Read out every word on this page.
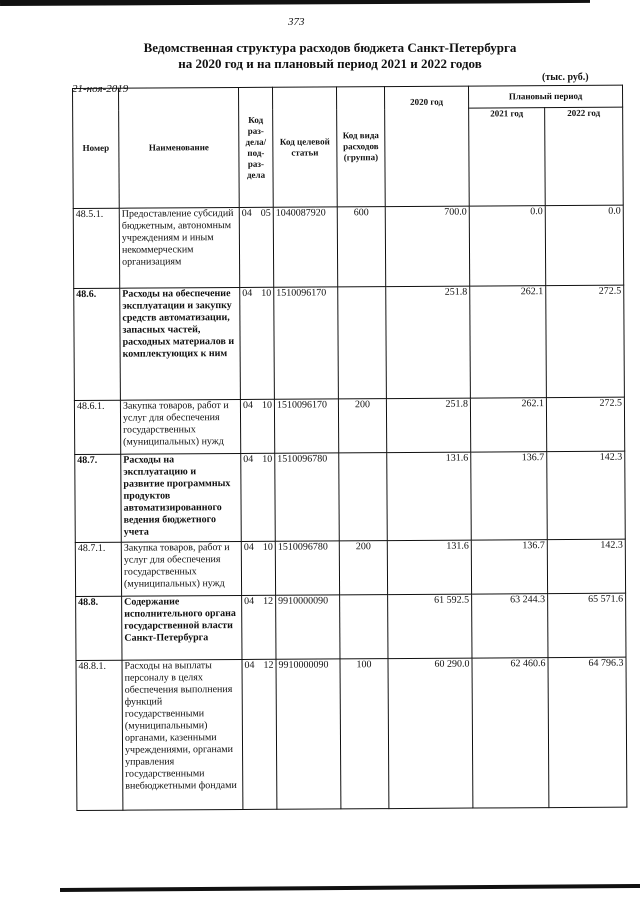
373
Ведомственная структура расходов бюджета Санкт-Петербурга
на 2020 год и на плановый период 2021 и 2022 годов
21-ноя-2019
(тыс. руб.)
Номер	Наименование	Код раз- дела/ под- раз- дела	Код целевой статьи	Код вида расходов (группа)	2020 год	Плановый период	
						2021 год	2022 год
48.5.1.	Предоставление субсидий бюджетным, автономным учреждениям и иным некоммерческим организациям	04 05	1040087920	600	700.0	0.0	0.0
48.6.	Расходы на обеспечение эксплуатации и закупку средств автоматизации, запасных частей, расходных материалов и комплектующих к ним	04 10	1510096170		251.8	262.1	272.5
48.6.1.	Закупка товаров, работ и услуг для обеспечения государственных (муниципальных) нужд	04 10	1510096170	200	251.8	262.1	272.5
48.7.	Расходы на эксплуатацию и развитие программных продуктов автоматизированного ведения бюджетного учета	04 10	1510096780		131.6	136.7	142.3
48.7.1.	Закупка товаров, работ и услуг для обеспечения государственных (муниципальных) нужд	04 10	1510096780	200	131.6	136.7	142.3
48.8.	Содержание исполнительного органа государственной власти Санкт-Петербурга	04 12	9910000090		61 592.5	63 244.3	65 571.6
48.8.1.	Расходы на выплаты персоналу в целях обеспечения выполнения функций государственными (муниципальными) органами, казенными учреждениями, органами управления государственными внебюджетными фондами	04 12	9910000090	100	60 290.0	62 460.6	64 796.3
